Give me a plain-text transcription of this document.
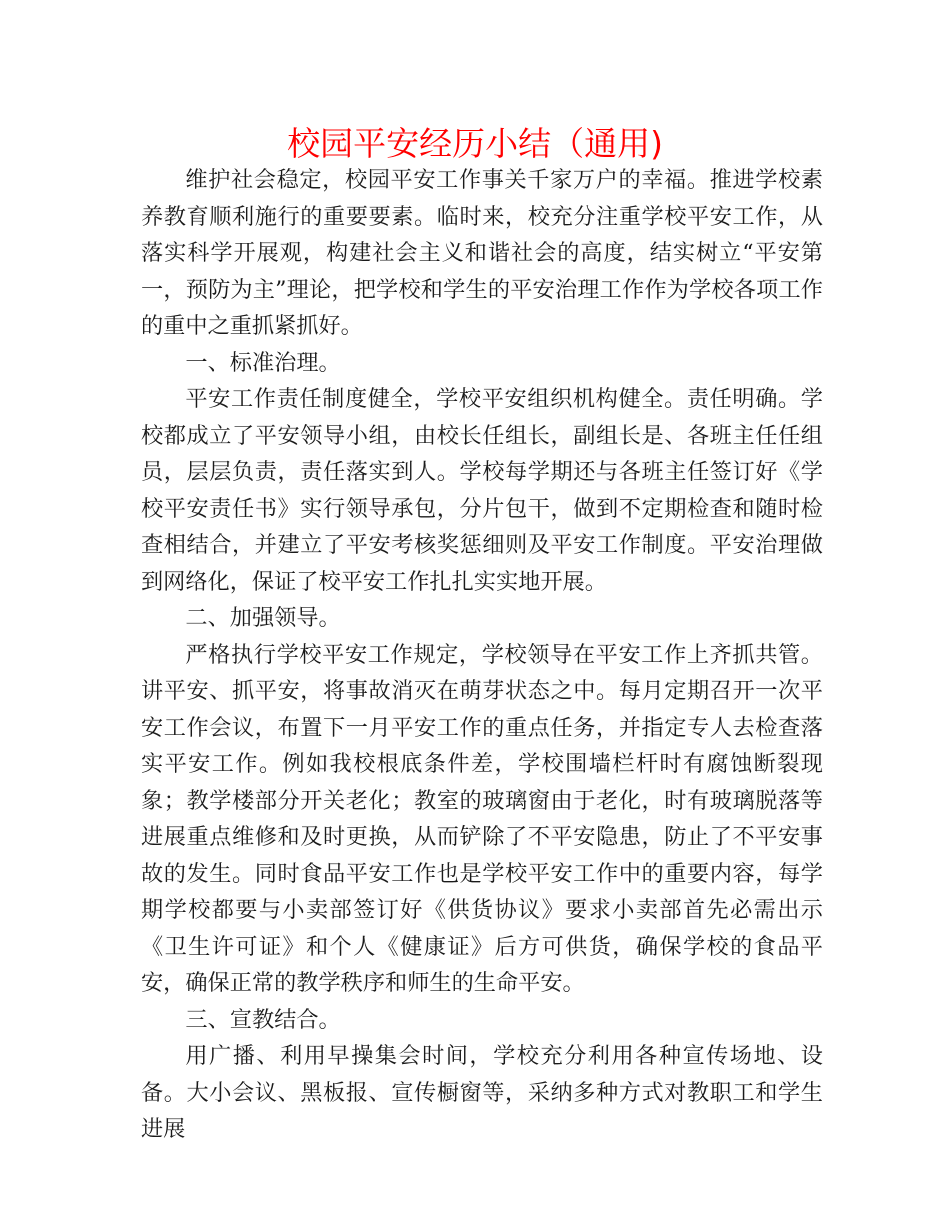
校园平安经历小结（通用)

维护社会稳定，校园平安工作事关千家万户的幸福。推进学校素养教育顺利施行的重要要素。临时来，校充分注重学校平安工作，从落实科学开展观，构建社会主义和谐社会的高度，结实树立“平安第一，预防为主”理论，把学校和学生的平安治理工作作为学校各项工作的重中之重抓紧抓好。

一、标准治理。

平安工作责任制度健全，学校平安组织机构健全。责任明确。学校都成立了平安领导小组，由校长任组长，副组长是、各班主任任组员，层层负责，责任落实到人。学校每学期还与各班主任签订好《学校平安责任书》实行领导承包，分片包干，做到不定期检查和随时检查相结合，并建立了平安考核奖惩细则及平安工作制度。平安治理做到网络化，保证了校平安工作扎扎实实地开展。

二、加强领导。

严格执行学校平安工作规定，学校领导在平安工作上齐抓共管。讲平安、抓平安，将事故消灭在萌芽状态之中。每月定期召开一次平安工作会议，布置下一月平安工作的重点任务，并指定专人去检查落实平安工作。例如我校根底条件差，学校围墙栏杆时有腐蚀断裂现象；教学楼部分开关老化；教室的玻璃窗由于老化，时有玻璃脱落等进展重点维修和及时更换，从而铲除了不平安隐患，防止了不平安事故的发生。同时食品平安工作也是学校平安工作中的重要内容，每学期学校都要与小卖部签订好《供货协议》要求小卖部首先必需出示《卫生许可证》和个人《健康证》后方可供货，确保学校的食品平安，确保正常的教学秩序和师生的生命平安。

三、宣教结合。

用广播、利用早操集会时间，学校充分利用各种宣传场地、设备。大小会议、黑板报、宣传橱窗等，采纳多种方式对教职工和学生进展
